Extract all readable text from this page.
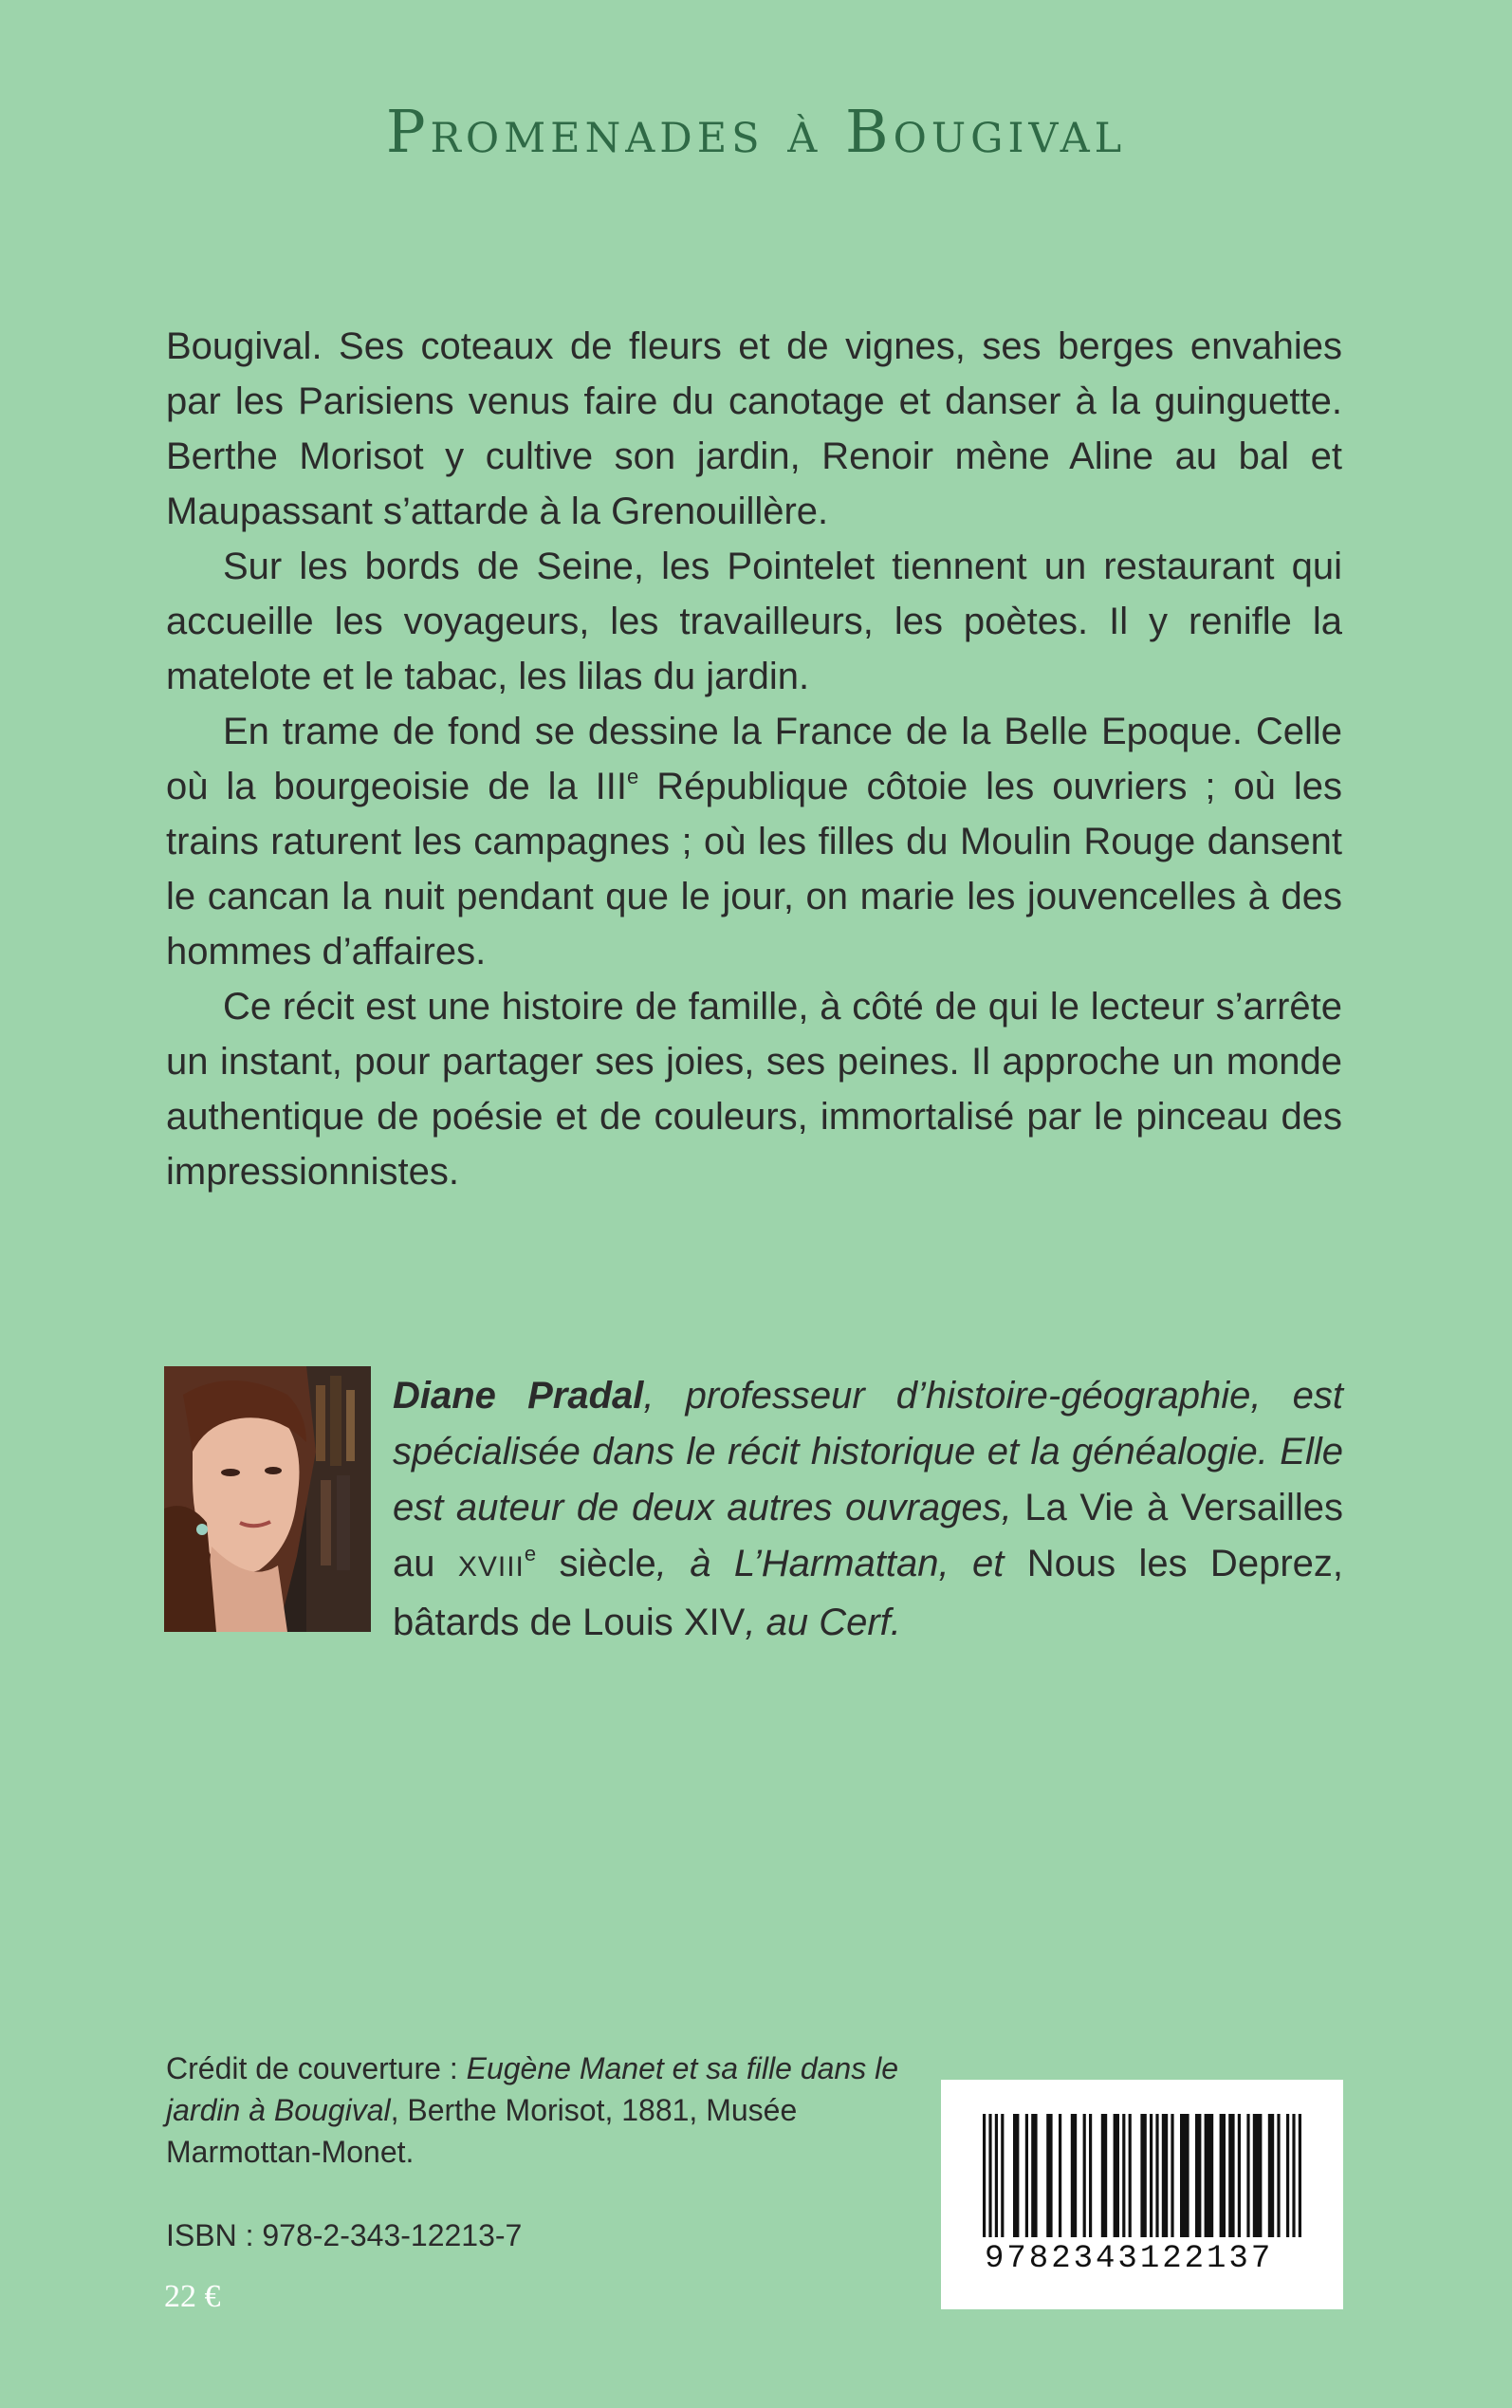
Promenades à Bougival

Bougival. Ses coteaux de fleurs et de vignes, ses berges envahies par les Parisiens venus faire du canotage et danser à la guinguette. Berthe Morisot y cultive son jardin, Renoir mène Aline au bal et Maupassant s’attarde à la Grenouillère.

Sur les bords de Seine, les Pointelet tiennent un restaurant qui accueille les voyageurs, les travailleurs, les poètes. Il y renifle la matelote et le tabac, les lilas du jardin.

En trame de fond se dessine la France de la Belle Epoque. Celle où la bourgeoisie de la IIIe République côtoie les ouvriers ; où les trains raturent les campagnes ; où les filles du Moulin Rouge dansent le cancan la nuit pendant que le jour, on marie les jouvencelles à des hommes d’affaires.

Ce récit est une histoire de famille, à côté de qui le lecteur s’arrête un instant, pour partager ses joies, ses peines. Il approche un monde authentique de poésie et de couleurs, immortalisé par le pinceau des impressionnistes.

Diane Pradal, professeur d’histoire-géographie, est spécialisée dans le récit historique et la généalogie. Elle est auteur de deux autres ouvrages, La Vie à Versailles au XVIIIe siècle, à L’Harmattan, et Nous les Deprez, bâtards de Louis XIV, au Cerf.
Crédit de couverture : Eugène Manet et sa fille dans le jardin à Bougival, Berthe Morisot, 1881, Musée Marmottan-Monet.
ISBN : 978-2-343-12213-7
22 €
9782343122137
